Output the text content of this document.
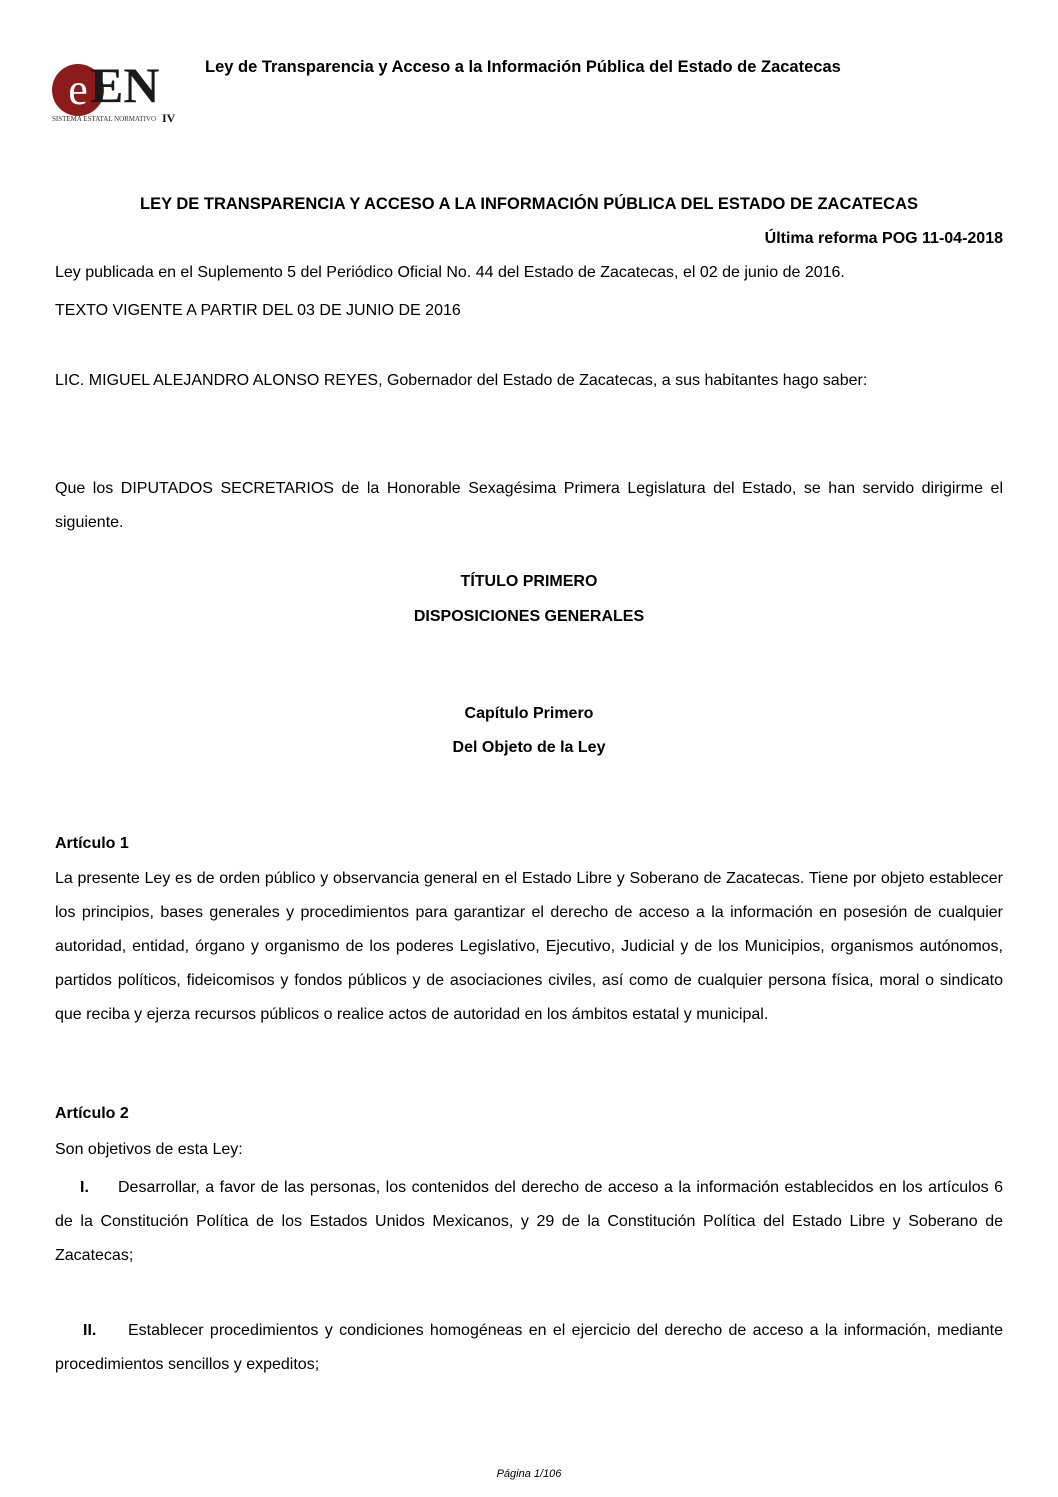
e EN
SISTEMA ESTATAL NORMATIVO IV
Ley de Transparencia y Acceso a la Información Pública del Estado de Zacatecas
LEY DE TRANSPARENCIA Y ACCESO A LA INFORMACIÓN PÚBLICA DEL ESTADO DE ZACATECAS
Última reforma POG 11-04-2018
Ley publicada en el Suplemento 5 del Periódico Oficial No. 44 del Estado de Zacatecas, el 02 de junio de 2016.
TEXTO VIGENTE A PARTIR DEL 03 DE JUNIO DE 2016
LIC. MIGUEL ALEJANDRO ALONSO REYES, Gobernador del Estado de Zacatecas, a sus habitantes hago saber:
Que los DIPUTADOS SECRETARIOS de la Honorable Sexagésima Primera Legislatura del Estado, se han servido dirigirme el siguiente.
TÍTULO PRIMERO
DISPOSICIONES GENERALES
Capítulo Primero
Del Objeto de la Ley
Artículo 1
La presente Ley es de orden público y observancia general en el Estado Libre y Soberano de Zacatecas. Tiene por objeto establecer los principios, bases generales y procedimientos para garantizar el derecho de acceso a la información en posesión de cualquier autoridad, entidad, órgano y organismo de los poderes Legislativo, Ejecutivo, Judicial y de los Municipios, organismos autónomos, partidos políticos, fideicomisos y fondos públicos y de asociaciones civiles, así como de cualquier persona física, moral o sindicato que reciba y ejerza recursos públicos o realice actos de autoridad en los ámbitos estatal y municipal.
Artículo 2
Son objetivos de esta Ley:
I. Desarrollar, a favor de las personas, los contenidos del derecho de acceso a la información establecidos en los artículos 6 de la Constitución Política de los Estados Unidos Mexicanos, y 29 de la Constitución Política del Estado Libre y Soberano de Zacatecas;
II. Establecer procedimientos y condiciones homogéneas en el ejercicio del derecho de acceso a la información, mediante procedimientos sencillos y expeditos;
Página 1/106
